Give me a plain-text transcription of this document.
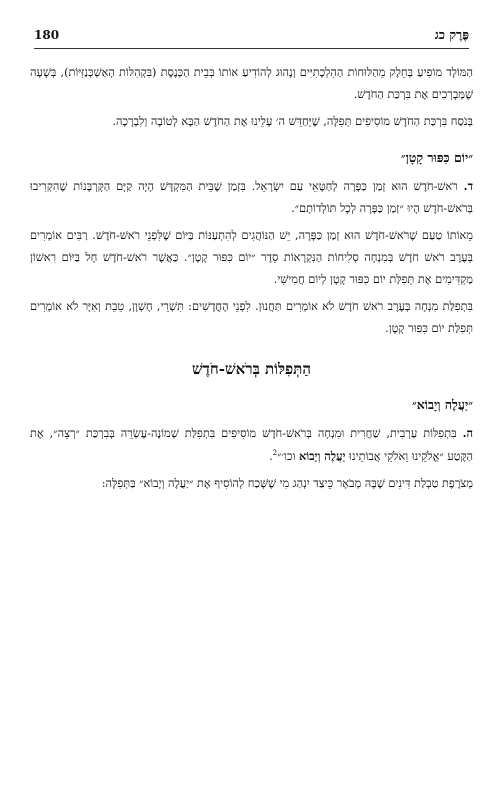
180	פֶּרֶק כג

הַמּוֹלָד מוֹפִיעַ בְּחֵלֶק מֵהַלּוּחוֹת הַהִלְכָתִיִּים וְנָהוּג לְהוֹדִיעַ אוֹתוֹ בְּבֵית הַכְּנֶסֶת (בִּקְהִלּוֹת הָאַשְׁכְּנַזִּיּוֹת), בְּשָׁעָה שֶׁמְּבָרְכִים אֶת בִּרְכַּת הַחֹדֶשׁ.

בְּנֹסַח בִּרְכַּת הַחֹדֶשׁ מוֹסִיפִים תְּפִלָּה, שֶׁיְּחַדֵּשׁ ה׳ עָלֵינוּ אֶת הַחֹדֶשׁ הַבָּא לְטוֹבָה וְלִבְרָכָה.

״יוֹם כִּפּוּר קָטָן״

ד. רֹאשׁ-חֹדֶשׁ הוּא זְמַן כַּפָּרָה לְחַטָּאֵי עַם יִשְׂרָאֵל. בִּזְמַן שֶׁבֵּית הַמִּקְדָּשׁ הָיָה קַיָּם הַקָּרְבָּנוֹת שֶׁהִקְרִיבוּ בְּרֹאשׁ-חֹדֶשׁ הָיוּ ״זְמַן כַּפָּרָה לְכָל תּוֹלְדוֹתָם״.

מֵאוֹתוֹ טַעַם שֶׁרֹאשׁ-חֹדֶשׁ הוּא זְמַן כַּפָּרָה, יֵשׁ הַנּוֹהֲגִים לְהִתְעַנּוֹת בַּיּוֹם שֶׁלִּפְנֵי רֹאשׁ-חֹדֶשׁ. רַבִּים אוֹמְרִים בְּעֶרֶב רֹאשׁ חֹדֶשׁ בְּמִנְחָה סְלִיחוֹת הַנִּקְרָאוֹת סֵדֶר ״יוֹם כִּפּוּר קָטָן״. כַּאֲשֶׁר רֹאשׁ-חֹדֶשׁ חָל בַּיּוֹם רִאשׁוֹן מַקְדִּימִים אֶת תְּפִלַּת יוֹם כִּפּוּר קָטָן לְיוֹם חֲמִישִׁי.

בִּתְפִלַּת מִנְחָה בְּעֶרֶב רֹאשׁ חֹדֶשׁ לֹא אוֹמְרִים תַּחֲנוּן. לִפְנֵי הֶחֳדָשִׁים: תִּשְׁרֵי, חֶשְׁוָן, טֵבֵת וְאִיָּר לֹא אוֹמְרִים תְּפִלַּת יוֹם כִּפּוּר קָטָן.

הַתְּפִלּוֹת בְּרֹאשׁ-חֹדֶשׁ
״יַעֲלֶה וְיָבוֹא״

ה. בִּתְפִלּוֹת עַרְבִית, שַׁחֲרִית וּמִנְחָה בְּרֹאשׁ-חֹדֶשׁ מוֹסִיפִים בִּתְפִלַּת שְׁמוֹנֶה-עֶשְׂרֵה בְּבִרְכַּת ״רְצֵה״, אֶת הַקֶּטַע ״אֱלֹקֵינוּ וֵאלֹקֵי אֲבוֹתֵינוּ יַעֲלֶה וְיָבוֹא וכו׳״$^2$.

מְצֹרֶפֶת טַבְלַת דִּינִים שֶׁבָּהּ מְבֹאָר כֵּיצַד יִנְהַג מִי שֶׁשָּׁכַח לְהוֹסִיף אֶת ״יַעֲלֶה וְיָבוֹא״ בַּתְּפִלָּה:
